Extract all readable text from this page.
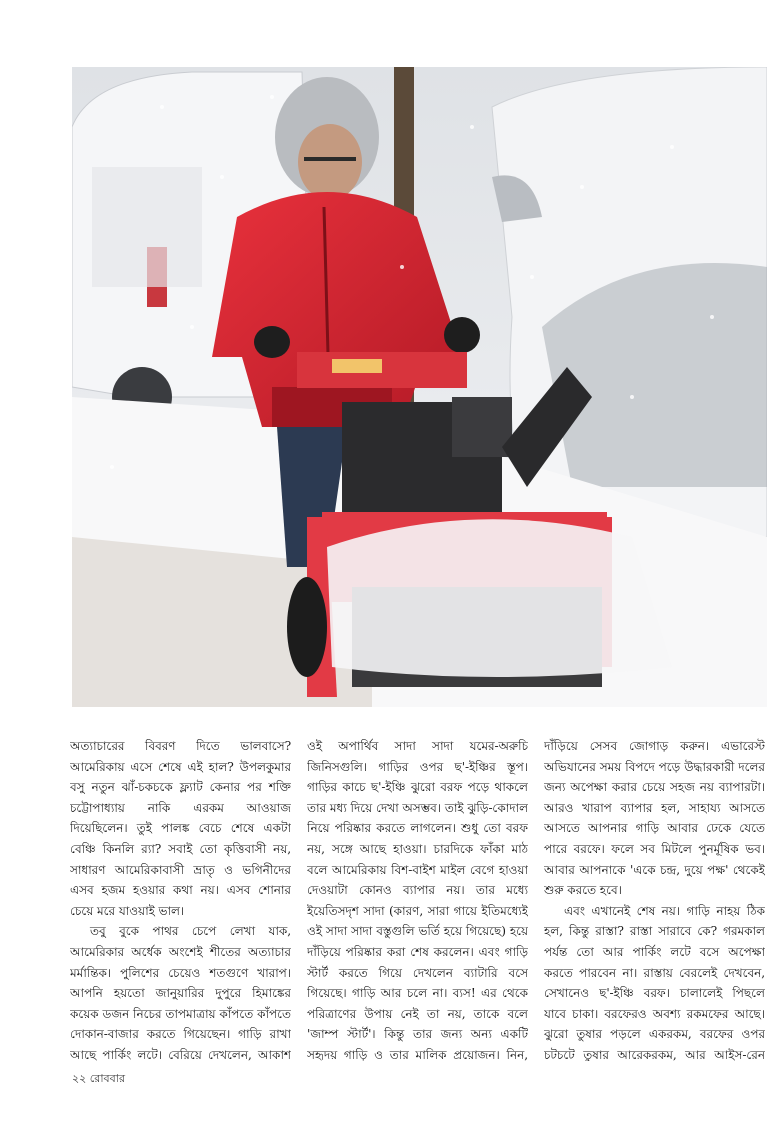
অত্যাচারের বিবরণ দিতে ভালবাসে? আমেরিকায় এসে শেষে এই হাল? উপলকুমার বসু নতুন ঝাঁ-চকচকে ফ্ল্যাট কেনার পর শক্তি চট্টোপাধ্যায় নাকি এরকম আওয়াজ দিয়েছিলেন। তুই পালঙ্ক বেচে শেষে একটা বেঞ্চি কিনলি র‍্যা? সবাই তো কৃত্তিবাসী নয়, সাধারণ আমেরিকাবাসী ভ্রাতৃ ও ভগিনীদের এসব হজম হওয়ার কথা নয়। এসব শোনার চেয়ে মরে যাওয়াই ভাল।

তবু বুকে পাথর চেপে লেখা যাক, আমেরিকার অর্ধেক অংশেই শীতের অত্যাচার মর্মান্তিক। পুলিশের চেয়েও শতগুণে খারাপ। আপনি হয়তো জানুয়ারির দুপুরে হিমাঙ্কের কয়েক ডজন নিচের তাপমাত্রায় কাঁপতে কাঁপতে দোকান-বাজার করতে গিয়েছেন। গাড়ি রাখা আছে পার্কিং লটে। বেরিয়ে দেখলেন, আকাশ

ওই অপার্থিব সাদা সাদা যমের-অরুচি জিনিসগুলি। গাড়ির ওপর ছ'-ইঞ্চির স্তূপ। গাড়ির কাচে ছ'-ইঞ্চি ঝুরো বরফ পড়ে থাকলে তার মধ্য দিয়ে দেখা অসম্ভব। তাই ঝুড়ি-কোদাল নিয়ে পরিষ্কার করতে লাগলেন। শুধু তো বরফ নয়, সঙ্গে আছে হাওয়া। চারদিকে ফাঁকা মাঠ বলে আমেরিকায় বিশ-বাইশ মাইল বেগে হাওয়া দেওয়াটা কোনও ব্যাপার নয়। তার মধ্যে ইয়েতিসদৃশ সাদা (কারণ, সারা গায়ে ইতিমধ্যেই ওই সাদা সাদা বস্তুগুলি ভর্তি হয়ে গিয়েছে) হয়ে দাঁড়িয়ে পরিষ্কার করা শেষ করলেন। এবং গাড়ি স্টার্ট করতে গিয়ে দেখলেন ব্যাটারি বসে গিয়েছে। গাড়ি আর চলে না। ব্যস! এর থেকে পরিত্রাণের উপায় নেই তা নয়, তাকে বলে 'জাম্প স্টার্ট'। কিন্তু তার জন্য অন্য একটি সহৃদয় গাড়ি ও তার মালিক প্রয়োজন। নিন,

দাঁড়িয়ে সেসব জোগাড় করুন। এভারেস্ট অভিযানের সময় বিপদে পড়ে উদ্ধারকারী দলের জন্য অপেক্ষা করার চেয়ে সহজ নয় ব্যাপারটা। আরও খারাপ ব্যাপার হল, সাহায্য আসতে আসতে আপনার গাড়ি আবার ঢেকে যেতে পারে বরফে। ফলে সব মিটলে পুনর্মূষিক ভব। আবার আপনাকে 'একে চন্দ্র, দুয়ে পক্ষ' থেকেই শুরু করতে হবে।

এবং এখানেই শেষ নয়। গাড়ি নাহয় ঠিক হল, কিন্তু রাস্তা? রাস্তা সারাবে কে? গরমকাল পর্যন্ত তো আর পার্কিং লটে বসে অপেক্ষা করতে পারবেন না। রাস্তায় বেরলেই দেখবেন, সেখানেও ছ'-ইঞ্চি বরফ। চালালেই পিছলে যাবে চাকা। বরফেরও অবশ্য রকমফের আছে। ঝুরো তুষার পড়লে একরকম, বরফের ওপর চটচটে তুষার আরেকরকম, আর আইস-রেন

২২ রোববার
